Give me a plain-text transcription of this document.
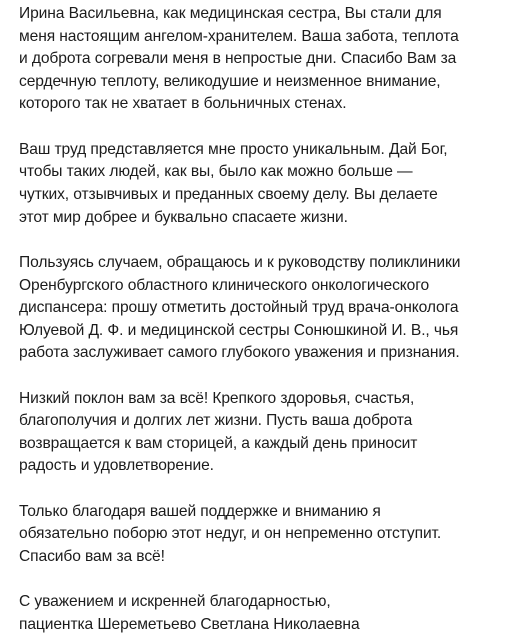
Ирина Васильевна, как медицинская сестра, Вы стали для
меня настоящим ангелом-хранителем. Ваша забота, теплота
и доброта согревали меня в непростые дни. Спасибо Вам за
сердечную теплоту, великодушие и неизменное внимание,
которого так не хватает в больничных стенах.

Ваш труд представляется мне просто уникальным. Дай Бог,
чтобы таких людей, как вы, было как можно больше —
чутких, отзывчивых и преданных своему делу. Вы делаете
этот мир добрее и буквально спасаете жизни.

Пользуясь случаем, обращаюсь и к руководству поликлиники
Оренбургского областного клинического онкологического
диспансера: прошу отметить достойный труд врача-онколога
Юлуевой Д. Ф. и медицинской сестры Сонюшкиной И. В., чья
работа заслуживает самого глубокого уважения и признания.

Низкий поклон вам за всё! Крепкого здоровья, счастья,
благополучия и долгих лет жизни. Пусть ваша доброта
возвращается к вам сторицей, а каждый день приносит
радость и удовлетворение.

Только благодаря вашей поддержке и вниманию я
обязательно поборю этот недуг, и он непременно отступит.
Спасибо вам за всё!

С уважением и искренней благодарностью,
пациентка Шереметьево Светлана Николаевна
